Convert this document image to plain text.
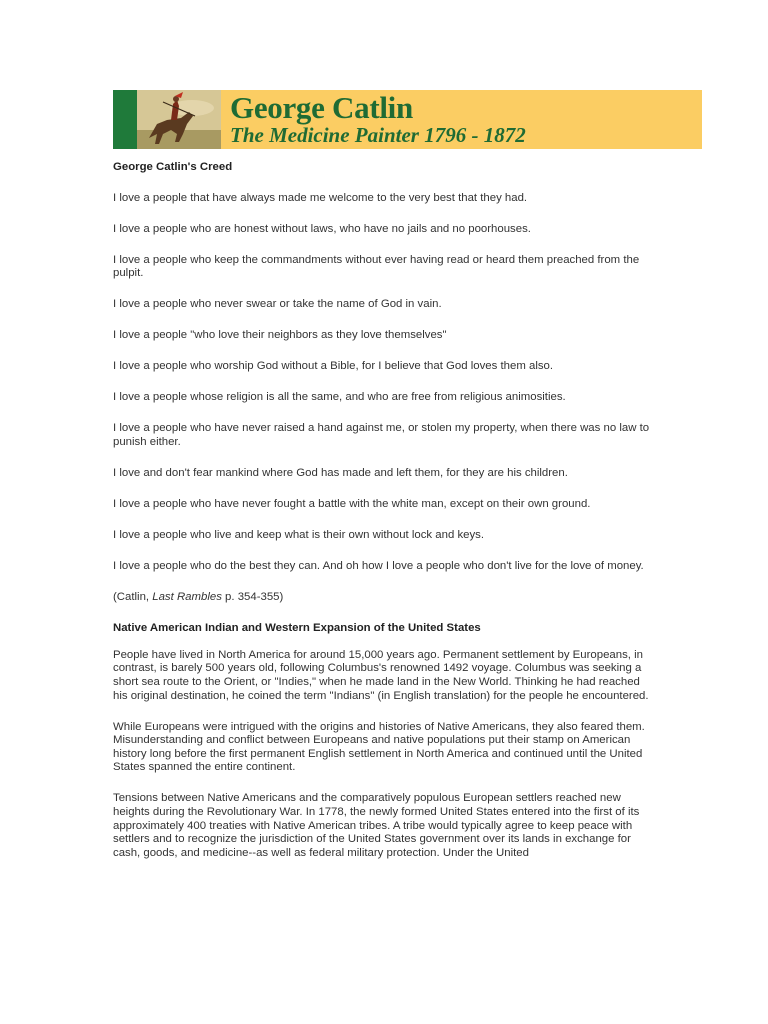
George Catlin
The Medicine Painter 1796 - 1872
George Catlin's Creed

I love a people that have always made me welcome to the very best that they had.

I love a people who are honest without laws, who have no jails and no poorhouses.

I love a people who keep the commandments without ever having read or heard them preached from the pulpit.

I love a people who never swear or take the name of God in vain.

I love a people "who love their neighbors as they love themselves"

I love a people who worship God without a Bible, for I believe that God loves them also.

I love a people whose religion is all the same, and who are free from religious animosities.

I love a people who have never raised a hand against me, or stolen my property, when there was no law to punish either.

I love and don't fear mankind where God has made and left them, for they are his children.

I love a people who have never fought a battle with the white man, except on their own ground.

I love a people who live and keep what is their own without lock and keys.

I love a people who do the best they can. And oh how I love a people who don't live for the love of money.

(Catlin, Last Rambles p. 354-355)

Native American Indian and Western Expansion of the United States

People have lived in North America for around 15,000 years ago. Permanent settlement by Europeans, in contrast, is barely 500 years old, following Columbus's renowned 1492 voyage. Columbus was seeking a short sea route to the Orient, or "Indies," when he made land in the New World. Thinking he had reached his original destination, he coined the term "Indians" (in English translation) for the people he encountered.

While Europeans were intrigued with the origins and histories of Native Americans, they also feared them. Misunderstanding and conflict between Europeans and native populations put their stamp on American history long before the first permanent English settlement in North America and continued until the United States spanned the entire continent.

Tensions between Native Americans and the comparatively populous European settlers reached new heights during the Revolutionary War. In 1778, the newly formed United States entered into the first of its approximately 400 treaties with Native American tribes. A tribe would typically agree to keep peace with settlers and to recognize the jurisdiction of the United States government over its lands in exchange for cash, goods, and medicine--as well as federal military protection. Under the United
